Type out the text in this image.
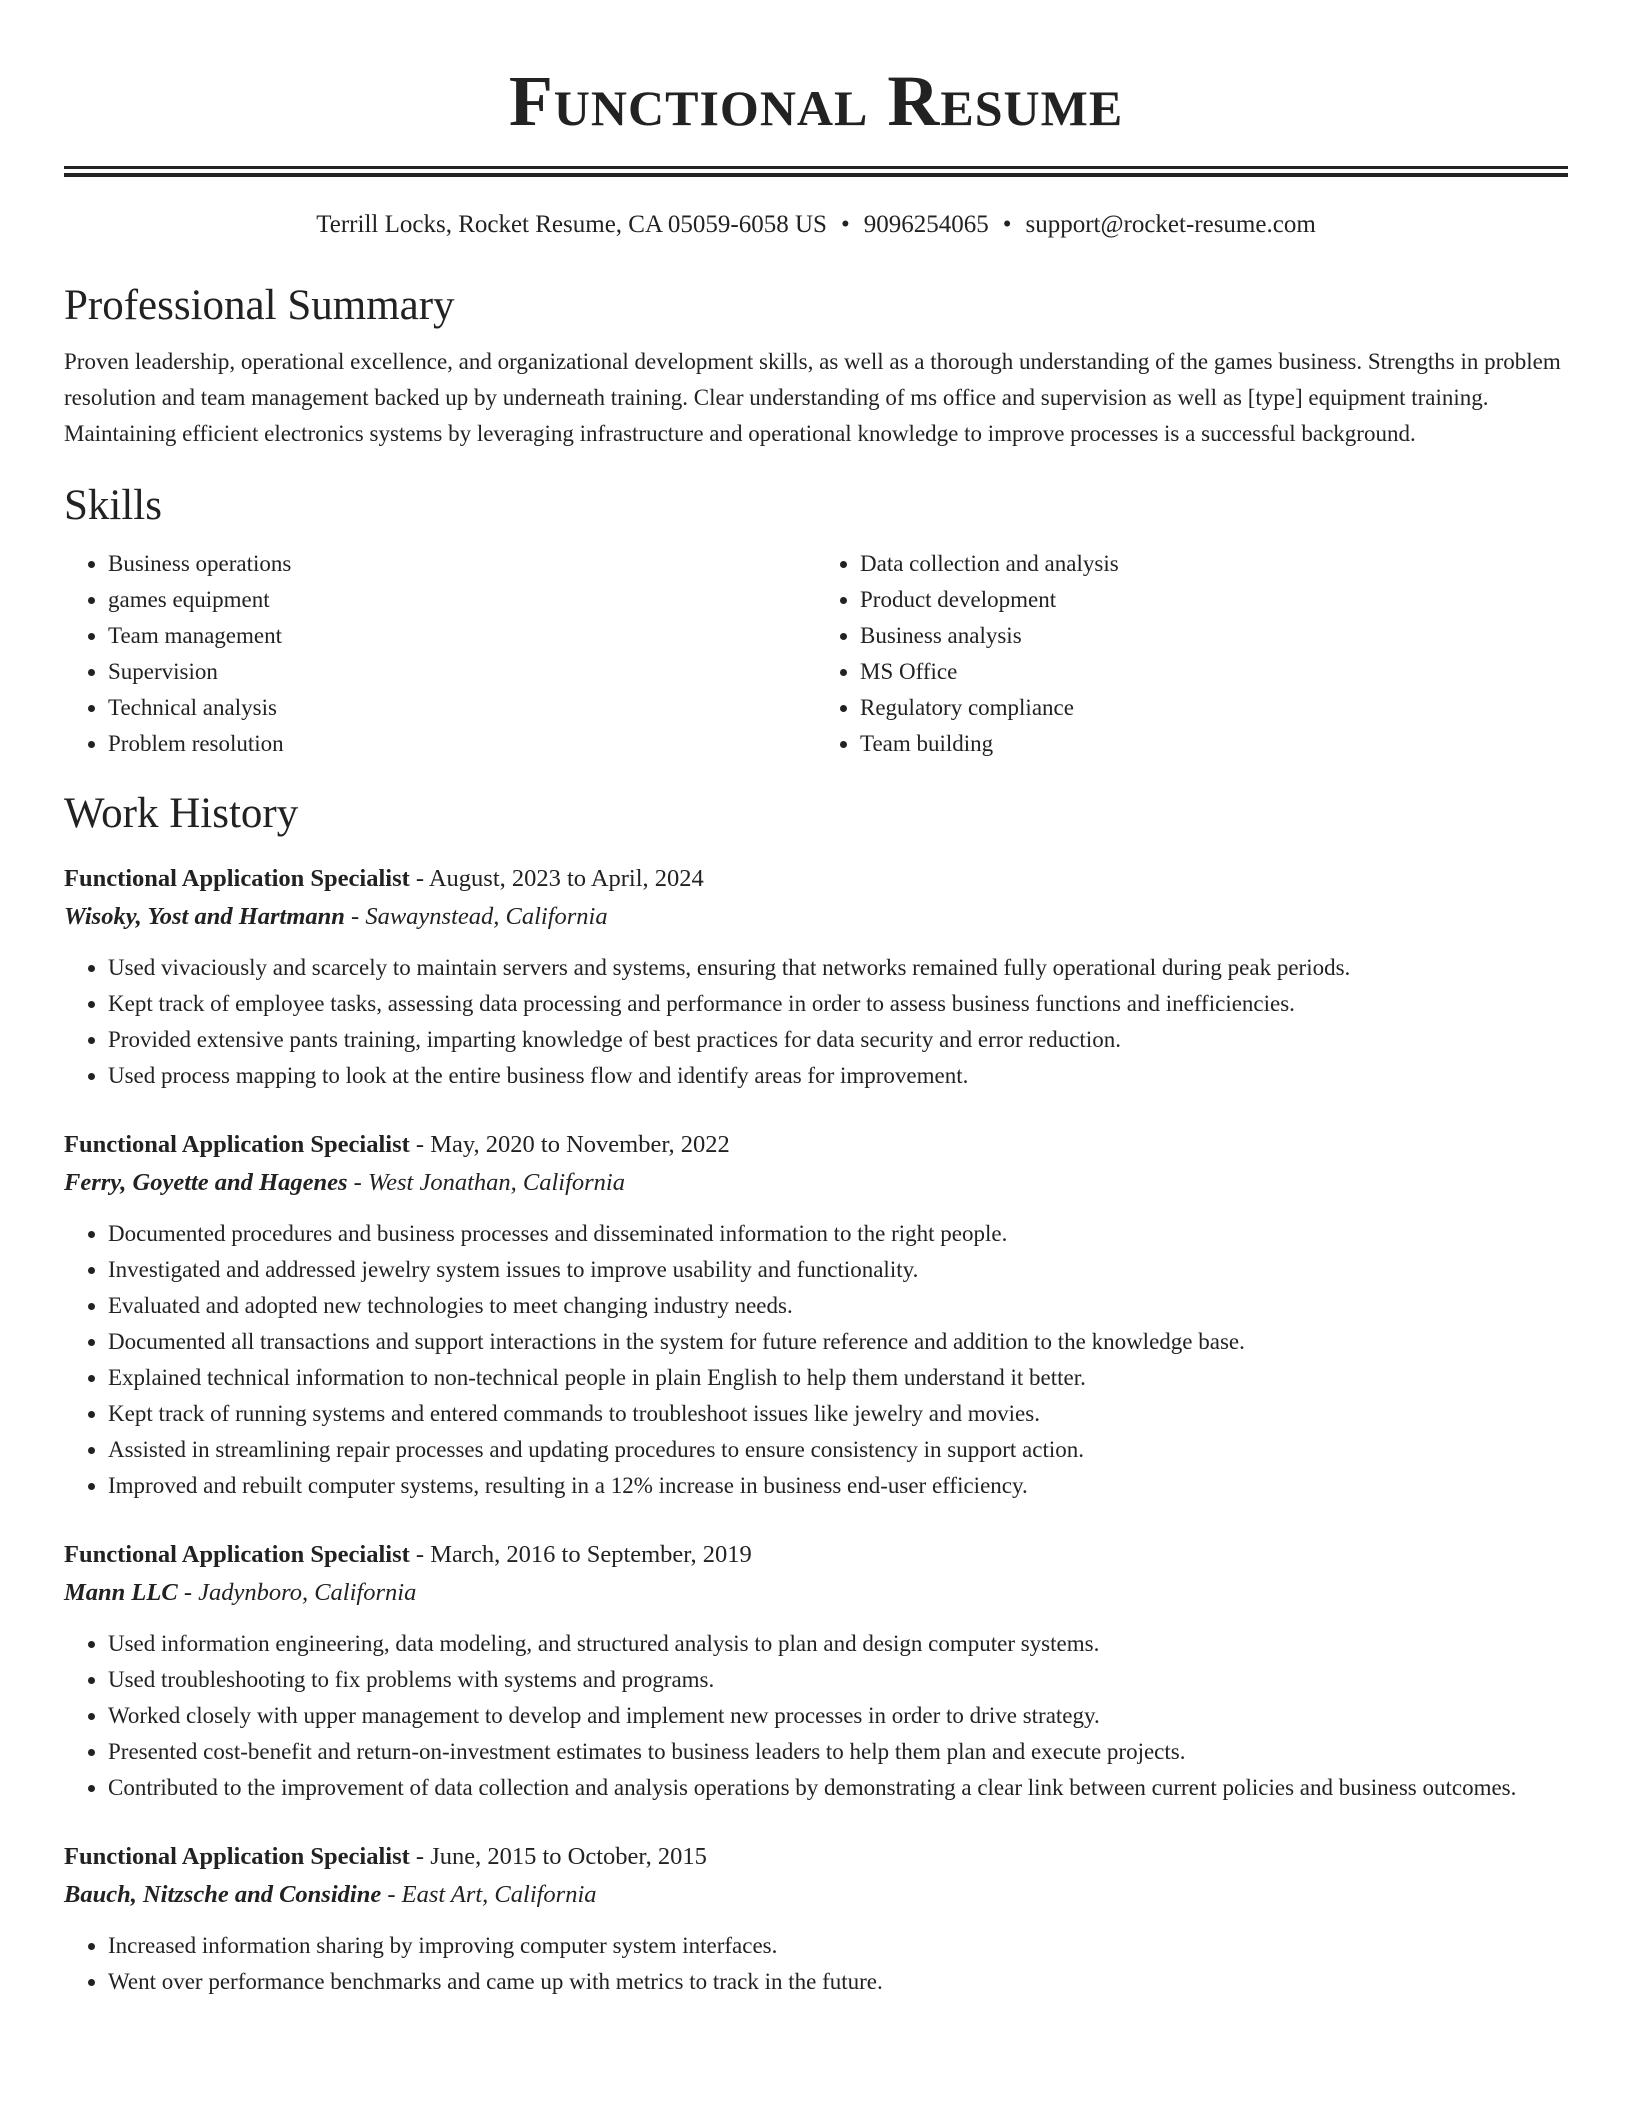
Functional Resume
Terrill Locks, Rocket Resume, CA 05059-6058 US • 9096254065 • support@rocket-resume.com
Professional Summary

Proven leadership, operational excellence, and organizational development skills, as well as a thorough understanding of the games business. Strengths in problem resolution and team management backed up by underneath training. Clear understanding of ms office and supervision as well as [type] equipment training. Maintaining efficient electronics systems by leveraging infrastructure and operational knowledge to improve processes is a successful background.

Skills
• Business operations
• games equipment
• Team management
• Supervision
• Technical analysis
• Problem resolution
• Data collection and analysis
• Product development
• Business analysis
• MS Office
• Regulatory compliance
• Team building
Work History
Functional Application Specialist - August, 2023 to April, 2024
Wisoky, Yost and Hartmann - Sawaynstead, California
• Used vivaciously and scarcely to maintain servers and systems, ensuring that networks remained fully operational during peak periods.
• Kept track of employee tasks, assessing data processing and performance in order to assess business functions and inefficiencies.
• Provided extensive pants training, imparting knowledge of best practices for data security and error reduction.
• Used process mapping to look at the entire business flow and identify areas for improvement.
Functional Application Specialist - May, 2020 to November, 2022
Ferry, Goyette and Hagenes - West Jonathan, California
• Documented procedures and business processes and disseminated information to the right people.
• Investigated and addressed jewelry system issues to improve usability and functionality.
• Evaluated and adopted new technologies to meet changing industry needs.
• Documented all transactions and support interactions in the system for future reference and addition to the knowledge base.
• Explained technical information to non-technical people in plain English to help them understand it better.
• Kept track of running systems and entered commands to troubleshoot issues like jewelry and movies.
• Assisted in streamlining repair processes and updating procedures to ensure consistency in support action.
• Improved and rebuilt computer systems, resulting in a 12% increase in business end-user efficiency.
Functional Application Specialist - March, 2016 to September, 2019
Mann LLC - Jadynboro, California
• Used information engineering, data modeling, and structured analysis to plan and design computer systems.
• Used troubleshooting to fix problems with systems and programs.
• Worked closely with upper management to develop and implement new processes in order to drive strategy.
• Presented cost-benefit and return-on-investment estimates to business leaders to help them plan and execute projects.
• Contributed to the improvement of data collection and analysis operations by demonstrating a clear link between current policies and business outcomes.
Functional Application Specialist - June, 2015 to October, 2015
Bauch, Nitzsche and Considine - East Art, California
• Increased information sharing by improving computer system interfaces.
• Went over performance benchmarks and came up with metrics to track in the future.
